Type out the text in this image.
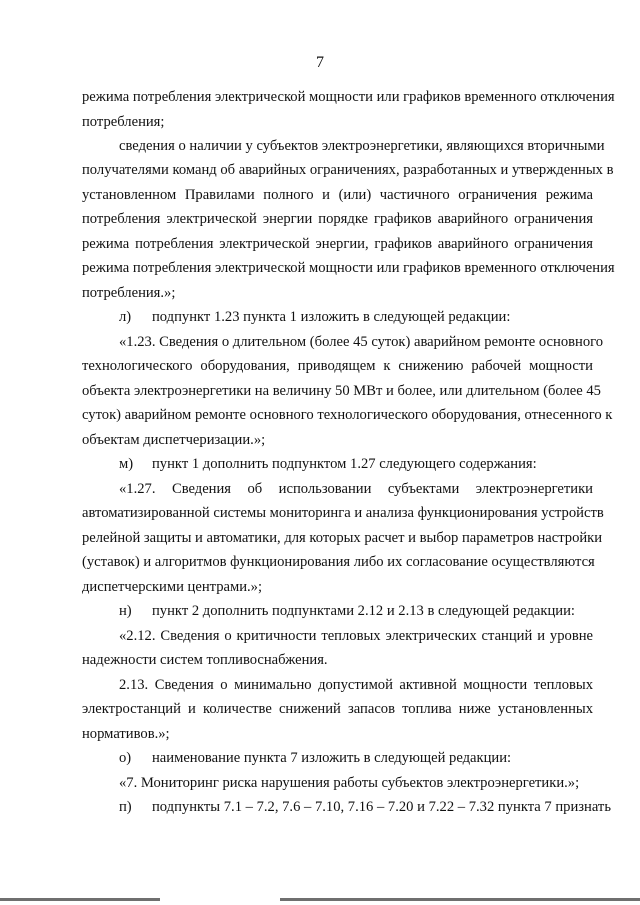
7
режима потребления электрической мощности или графиков временного отключения
потребления;
сведения о наличии у субъектов электроэнергетики, являющихся вторичными
получателями команд об аварийных ограничениях, разработанных и утвержденных в
установленном Правилами полного и (или) частичного ограничения режима
потребления электрической энергии порядке графиков аварийного ограничения
режима потребления электрической энергии, графиков аварийного ограничения
режима потребления электрической мощности или графиков временного отключения
потребления.»;
л) подпункт 1.23 пункта 1 изложить в следующей редакции:
«1.23. Сведения о длительном (более 45 суток) аварийном ремонте основного
технологического оборудования, приводящем к снижению рабочей мощности
объекта электроэнергетики на величину 50 МВт и более, или длительном (более 45
суток) аварийном ремонте основного технологического оборудования, отнесенного к
объектам диспетчеризации.»;
м) пункт 1 дополнить подпунктом 1.27 следующего содержания:
«1.27. Сведения об использовании субъектами электроэнергетики
автоматизированной системы мониторинга и анализа функционирования устройств
релейной защиты и автоматики, для которых расчет и выбор параметров настройки
(уставок) и алгоритмов функционирования либо их согласование осуществляются
диспетчерскими центрами.»;
н) пункт 2 дополнить подпунктами 2.12 и 2.13 в следующей редакции:
«2.12. Сведения о критичности тепловых электрических станций и уровне
надежности систем топливоснабжения.
2.13. Сведения о минимально допустимой активной мощности тепловых
электростанций и количестве снижений запасов топлива ниже установленных
нормативов.»;
о) наименование пункта 7 изложить в следующей редакции:
«7. Мониторинг риска нарушения работы субъектов электроэнергетики.»;
п) подпункты 7.1 – 7.2, 7.6 – 7.10, 7.16 – 7.20 и 7.22 – 7.32 пункта 7 признать
